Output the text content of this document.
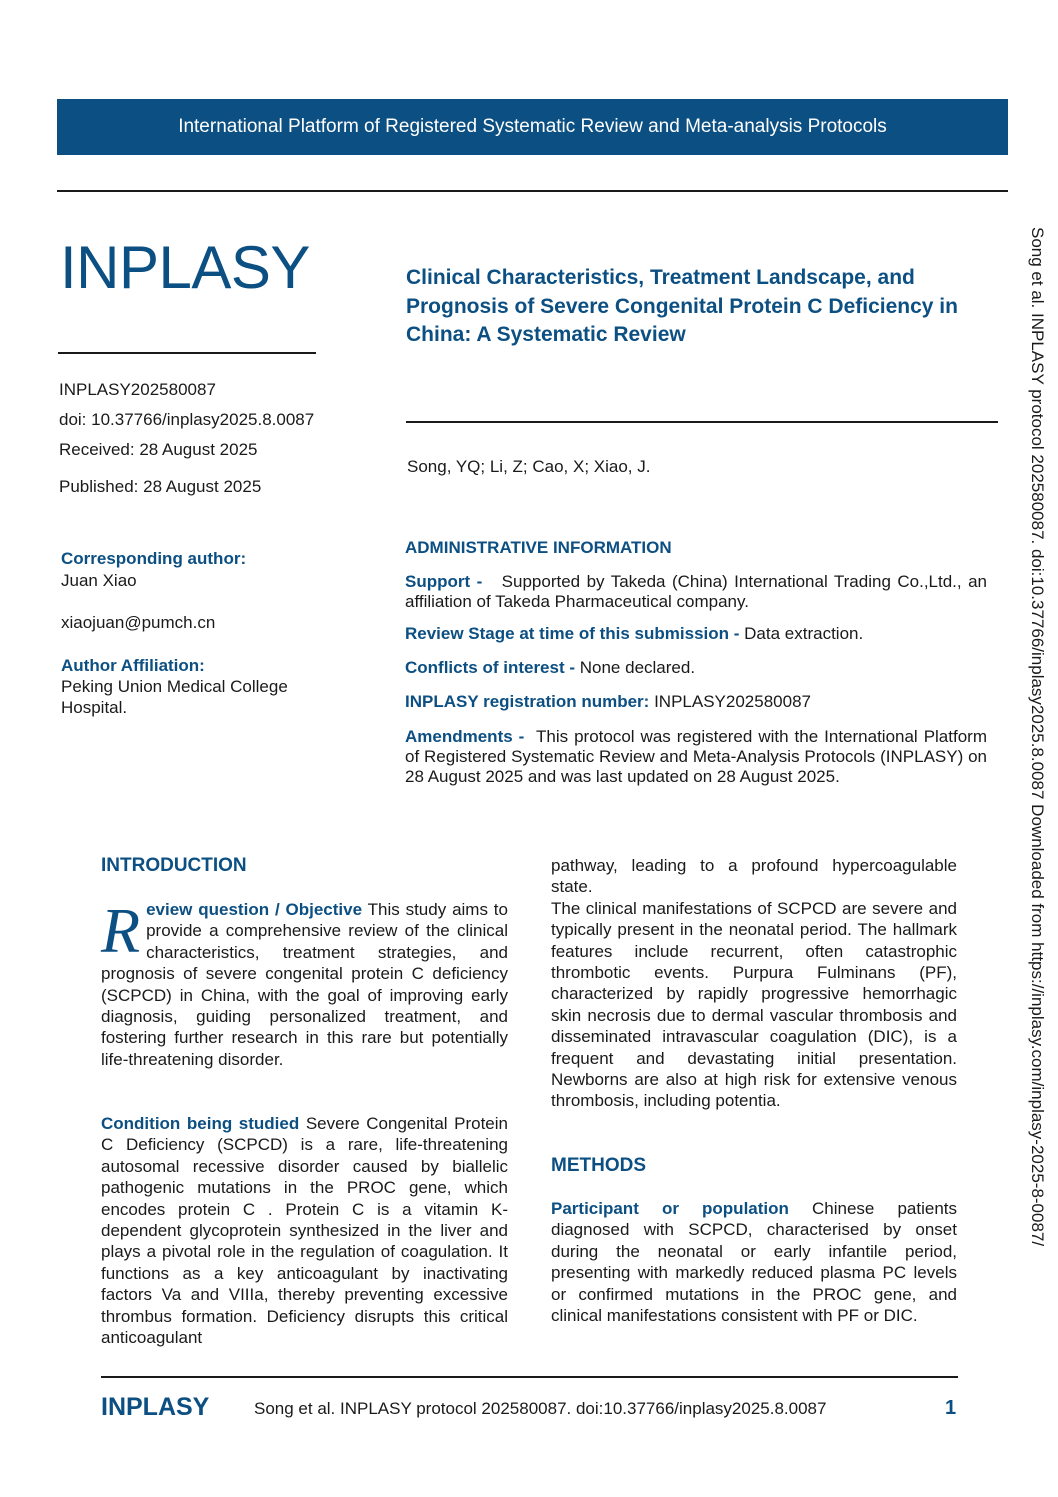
International Platform of Registered Systematic Review and Meta-analysis Protocols
INPLASY	Clinical Characteristics, Treatment Landscape, and Prognosis of Severe Congenital Protein C Deficiency in China: A Systematic Review
INPLASY202580087
doi: 10.37766/inplasy2025.8.0087
Received: 28 August 2025
Published: 28 August 2025
Song, YQ; Li, Z; Cao, X; Xiao, J.
Corresponding author:
Juan Xiao
xiaojuan@pumch.cn
Author Affiliation:
Peking Union Medical College Hospital.
ADMINISTRATIVE INFORMATION
Support - Supported by Takeda (China) International Trading Co.,Ltd., an affiliation of Takeda Pharmaceutical company.
Review Stage at time of this submission - Data extraction.
Conflicts of interest - None declared.
INPLASY registration number: INPLASY202580087
Amendments - This protocol was registered with the International Platform of Registered Systematic Review and Meta-Analysis Protocols (INPLASY) on 28 August 2025 and was last updated on 28 August 2025.
INTRODUCTION

Review question / Objective This study aims to provide a comprehensive review of the clinical characteristics, treatment strategies, and prognosis of severe congenital protein C deficiency (SCPCD) in China, with the goal of improving early diagnosis, guiding personalized treatment, and fostering further research in this rare but potentially life-threatening disorder.

Condition being studied Severe Congenital Protein C Deficiency (SCPCD) is a rare, life-threatening autosomal recessive disorder caused by biallelic pathogenic mutations in the PROC gene, which encodes protein C . Protein C is a vitamin K-dependent glycoprotein synthesized in the liver and plays a pivotal role in the regulation of coagulation. It functions as a key anticoagulant by inactivating factors Va and VIIIa, thereby preventing excessive thrombus formation. Deficiency disrupts this critical anticoagulant

pathway, leading to a profound hypercoagulable state.

The clinical manifestations of SCPCD are severe and typically present in the neonatal period. The hallmark features include recurrent, often catastrophic thrombotic events. Purpura Fulminans (PF), characterized by rapidly progressive hemorrhagic skin necrosis due to dermal vascular thrombosis and disseminated intravascular coagulation (DIC), is a frequent and devastating initial presentation. Newborns are also at high risk for extensive venous thrombosis, including potentia.

METHODS

Participant or population Chinese patients diagnosed with SCPCD, characterised by onset during the neonatal or early infantile period, presenting with markedly reduced plasma PC levels or confirmed mutations in the PROC gene, and clinical manifestations consistent with PF or DIC.

Song et al. INPLASY protocol 202580087. doi:10.37766/inplasy2025.8.0087 Downloaded from https://inplasy.com/inplasy-2025-8-0087/
INPLASY	Song et al. INPLASY protocol 202580087. doi:10.37766/inplasy2025.8.0087	1
